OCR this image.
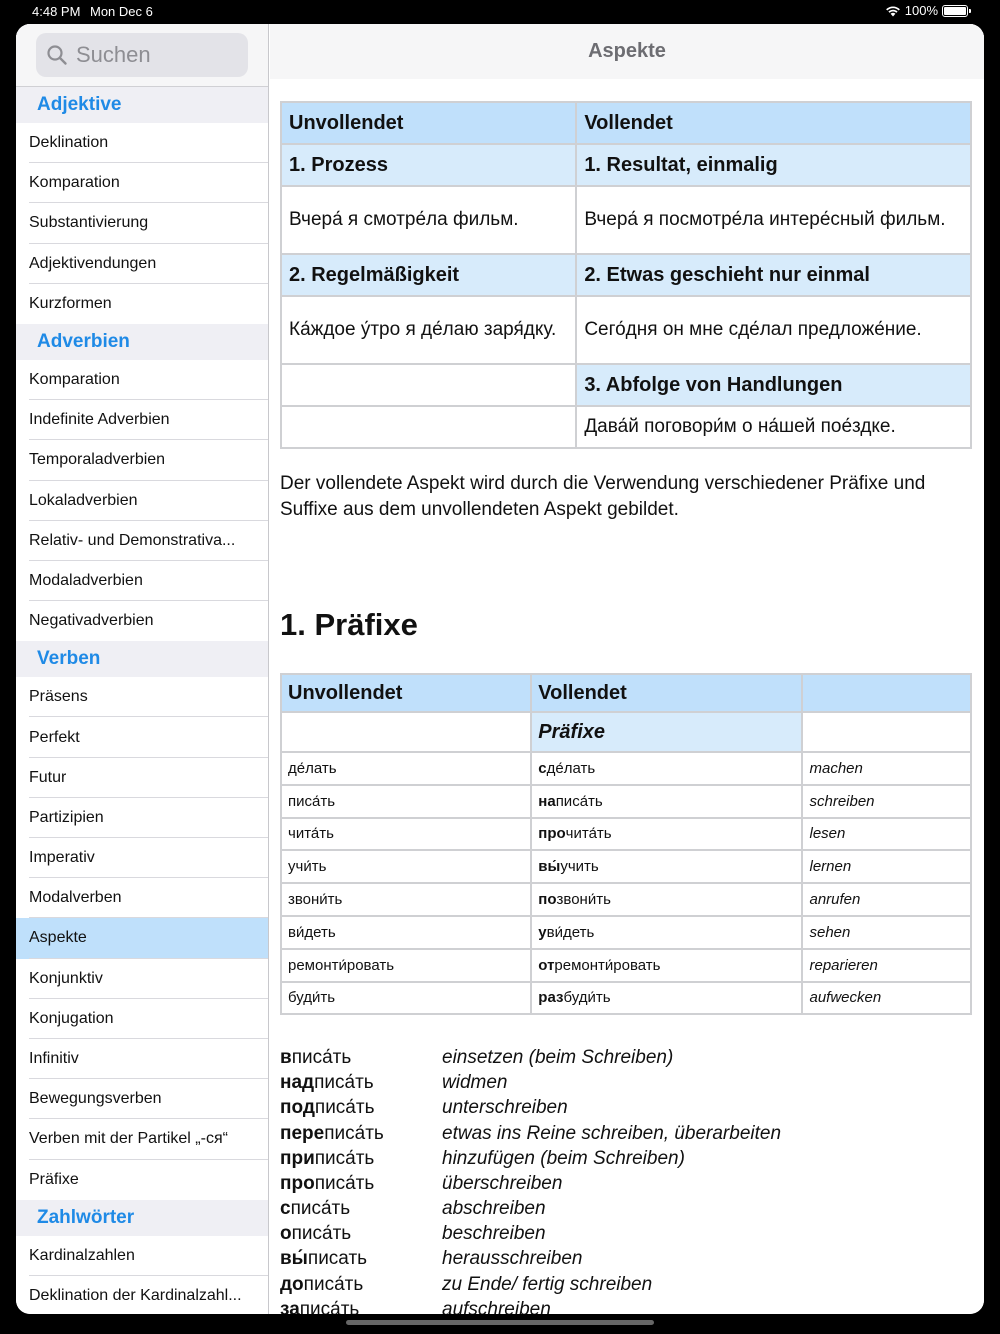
4:48 PM Mon Dec 6	100%
Suchen
Adjektive
Deklination
Komparation
Substantivierung
Adjektivendungen
Kurzformen
Adverbien
Komparation
Indefinite Adverbien
Temporaladverbien
Lokaladverbien
Relativ- und Demonstrativa...
Modaladverbien
Negativadverbien
Verben
Präsens
Perfekt
Futur
Partizipien
Imperativ
Modalverben
Aspekte
Konjunktiv
Konjugation
Infinitiv
Bewegungsverben
Verben mit der Partikel „-ся“
Präfixe
Zahlwörter
Kardinalzahlen
Deklination der Kardinalzahl...
Aspekte
Unvollendet	Vollendet
1. Prozess	1. Resultat, einmalig
Вчера́ я смотре́ла фильм.	Вчера́ я посмотре́ла интере́сный фильм.
2. Regelmäßigkeit	2. Etwas geschieht nur einmal
Ка́ждое у́тро я де́лаю заря́дку.	Сего́дня он мне сде́лал предложе́ние.
	3. Abfolge von Handlungen
	Дава́й поговори́м о на́шей пое́здке.

Der vollendete Aspekt wird durch die Verwendung verschiedener Präfixe und Suffixe aus dem unvollendeten Aspekt gebildet.

1. Präfixe
Unvollendet	Vollendet	
	Präfixe	
де́лать	сде́лать	machen
писа́ть	написа́ть	schreiben
чита́ть	прочита́ть	lesen
учи́ть	вы́учить	lernen
звони́ть	позвони́ть	anrufen
ви́деть	уви́деть	sehen
ремонти́ровать	отремонти́ровать	reparieren
буди́ть	разбуди́ть	aufwecken
вписа́ть	einsetzen (beim Schreiben)
надписа́ть	widmen
подписа́ть	unterschreiben
переписа́ть	etwas ins Reine schreiben, überarbeiten
приписа́ть	hinzufügen (beim Schreiben)
прописа́ть	überschreiben
списа́ть	abschreiben
описа́ть	beschreiben
вы́писать	herausschreiben
дописа́ть	zu Ende/ fertig schreiben
записа́ть	aufschreiben
